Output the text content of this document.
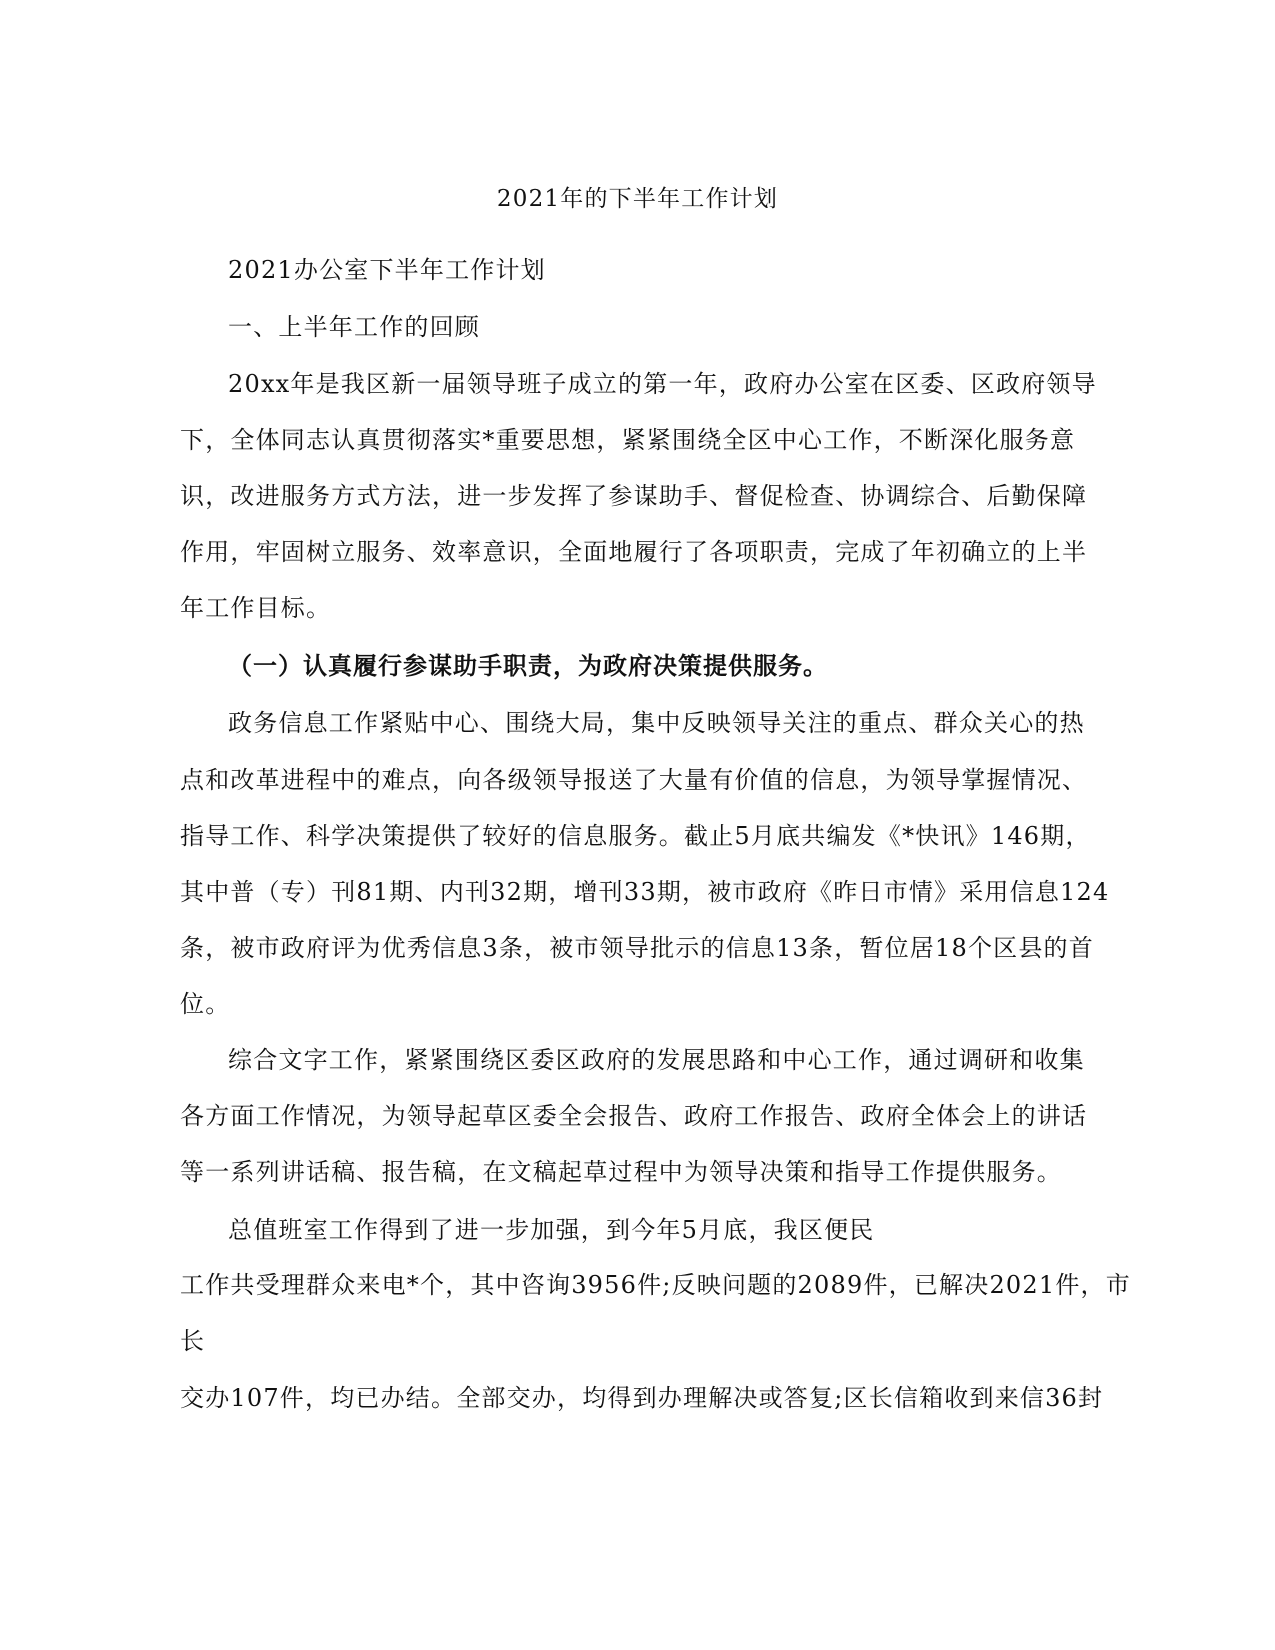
2021年的下半年工作计划
2021办公室下半年工作计划
一、上半年工作的回顾
20xx年是我区新一届领导班子成立的第一年，政府办公室在区委、区政府领导
下，全体同志认真贯彻落实*重要思想，紧紧围绕全区中心工作，不断深化服务意
识，改进服务方式方法，进一步发挥了参谋助手、督促检查、协调综合、后勤保障
作用，牢固树立服务、效率意识，全面地履行了各项职责，完成了年初确立的上半
年工作目标。
（一）认真履行参谋助手职责，为政府决策提供服务。
政务信息工作紧贴中心、围绕大局，集中反映领导关注的重点、群众关心的热
点和改革进程中的难点，向各级领导报送了大量有价值的信息，为领导掌握情况、
指导工作、科学决策提供了较好的信息服务。截止5月底共编发《*快讯》146期，
其中普（专）刊81期、内刊32期，增刊33期，被市政府《昨日市情》采用信息124
条，被市政府评为优秀信息3条，被市领导批示的信息13条，暂位居18个区县的首
位。
综合文字工作，紧紧围绕区委区政府的发展思路和中心工作，通过调研和收集
各方面工作情况，为领导起草区委全会报告、政府工作报告、政府全体会上的讲话
等一系列讲话稿、报告稿，在文稿起草过程中为领导决策和指导工作提供服务。
总值班室工作得到了进一步加强，到今年5月底，我区便民
工作共受理群众来电*个，其中咨询3956件;反映问题的2089件，已解决2021件，市
长
交办107件，均已办结。全部交办，均得到办理解决或答复;区长信箱收到来信36封
